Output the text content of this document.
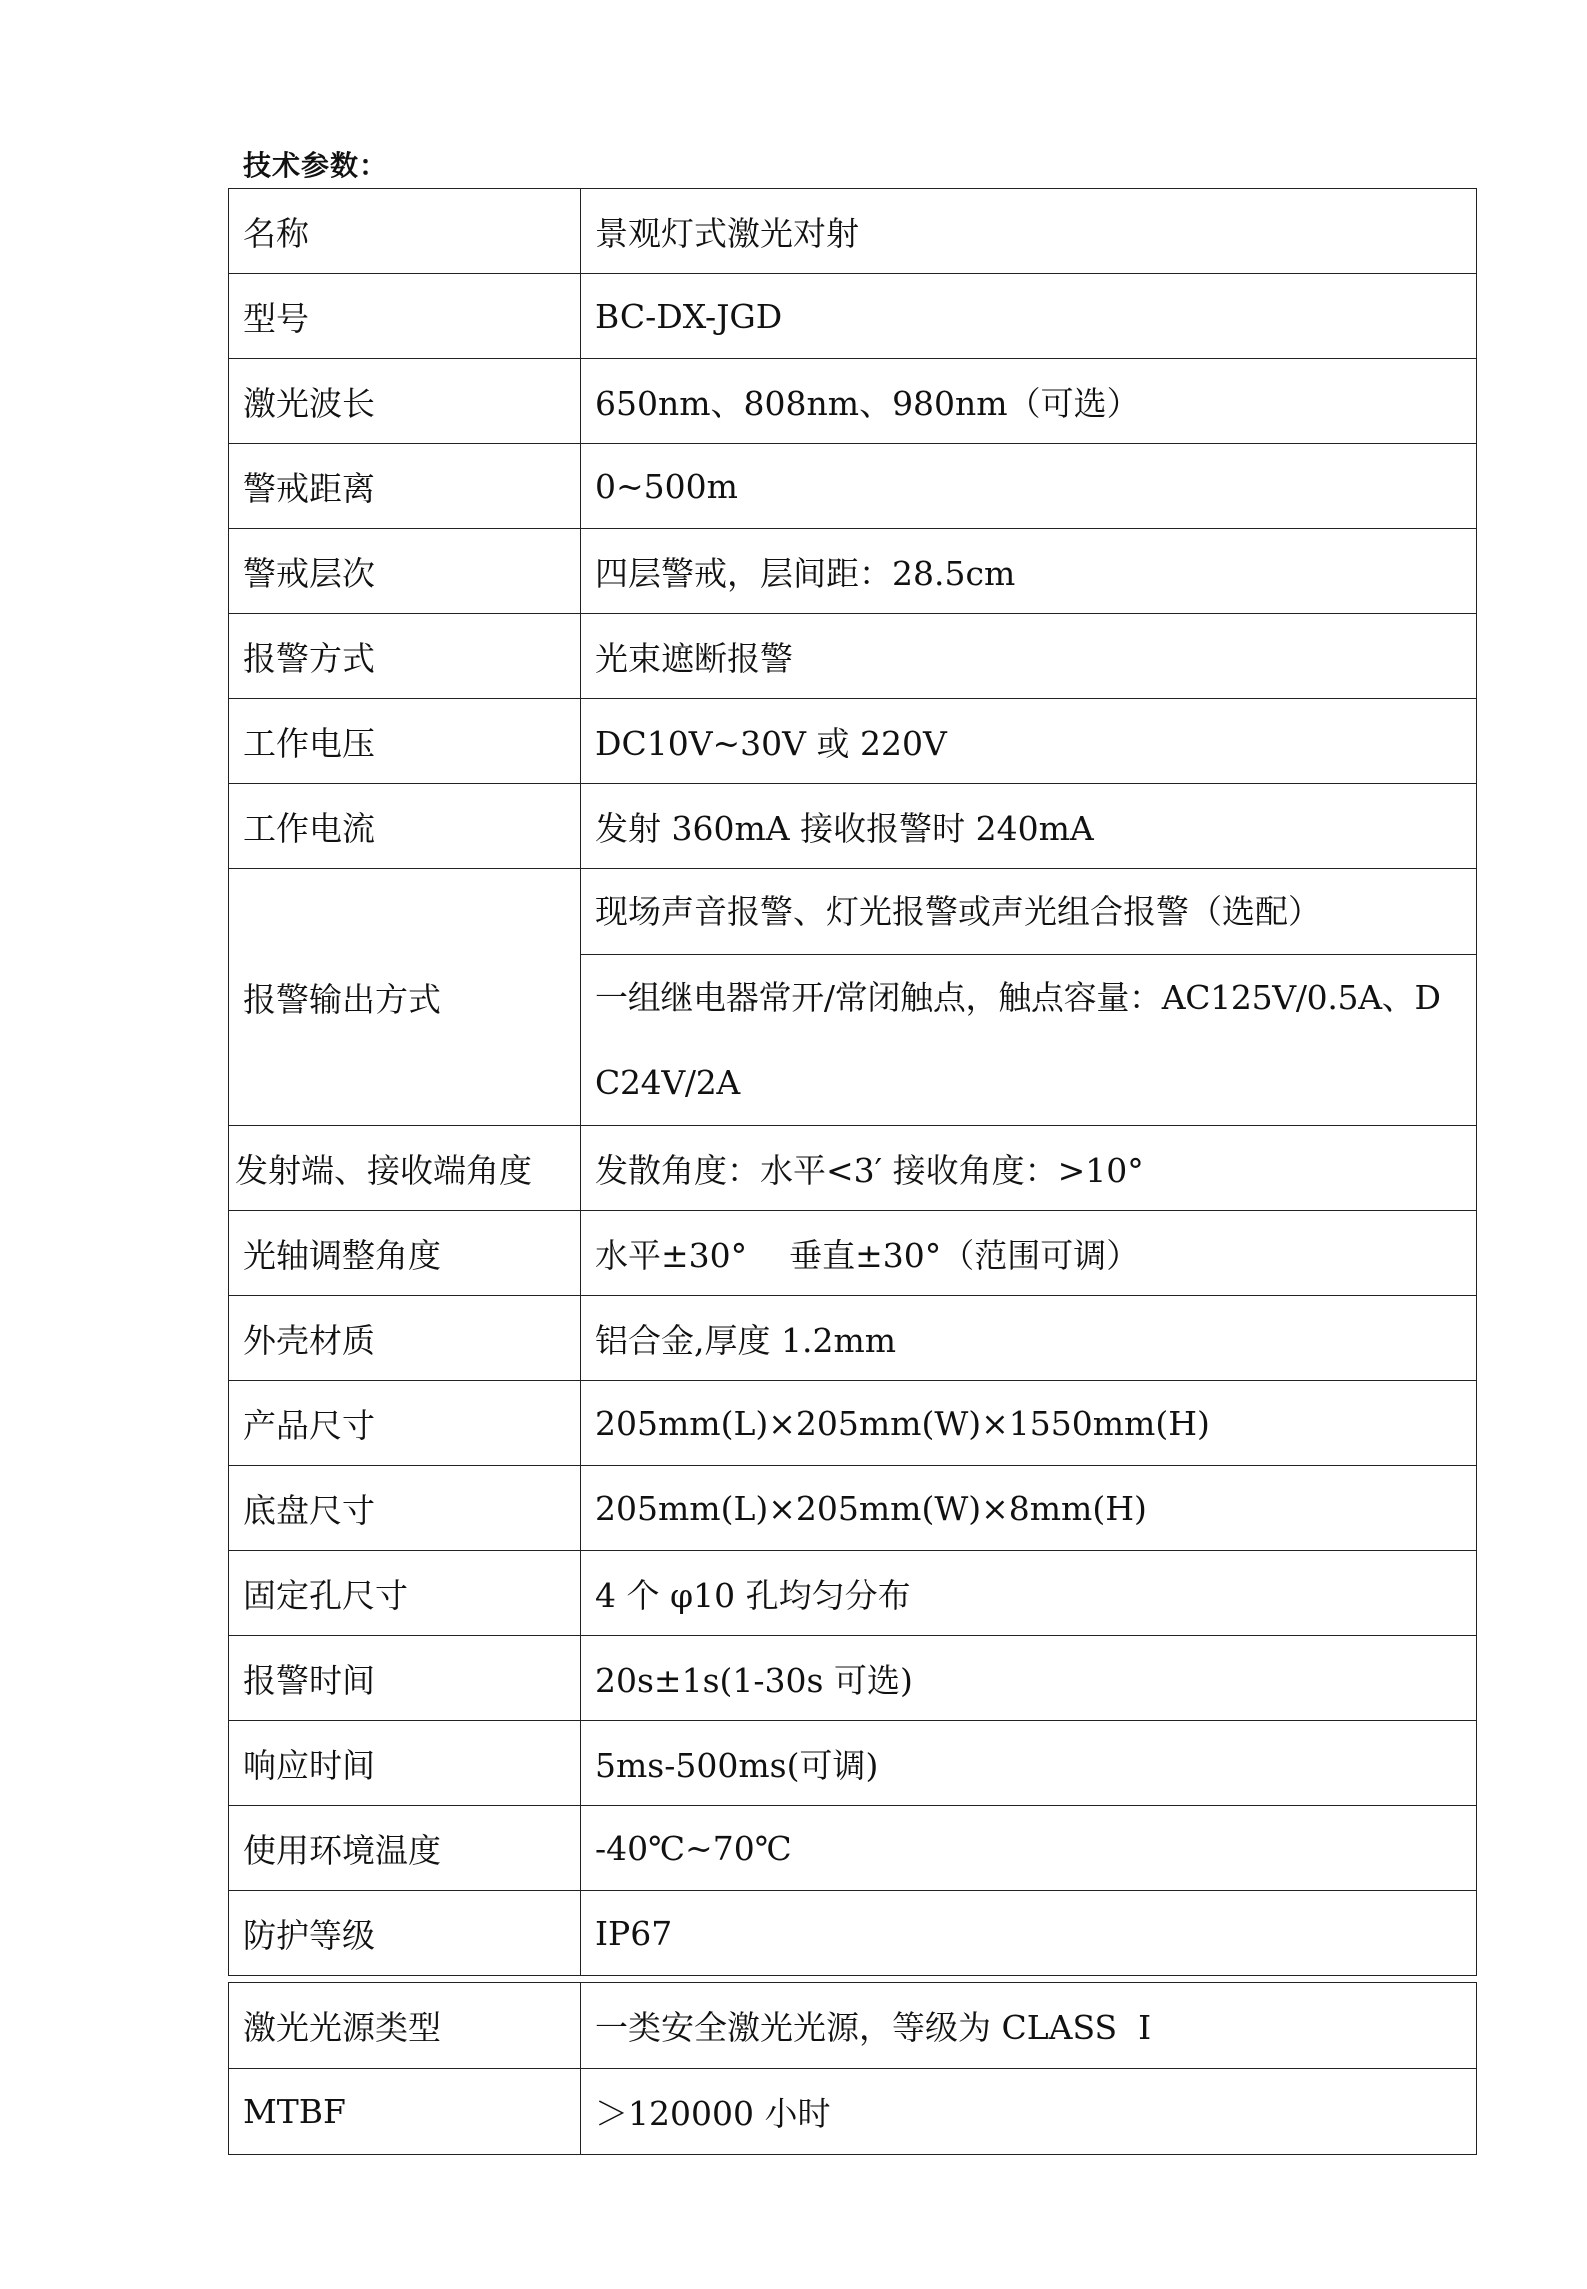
技术参数：
名称	景观灯式激光对射
型号	BC-DX-JGD
激光波长	650nm、808nm、980nm（可选）
警戒距离	0~500m
警戒层次	四层警戒，层间距：28.5cm
报警方式	光束遮断报警
工作电压	DC10V~30V 或 220V
工作电流	发射 360mA 接收报警时 240mA
报警输出方式	现场声音报警、灯光报警或声光组合报警（选配）
一组继电器常开/常闭触点，触点容量：AC125V/0.5A、DC24V/2A

发射端、接收端角度	发散角度：水平<3′ 接收角度：>10°
光轴调整角度	水平±30°    垂直±30°（范围可调）
外壳材质	铝合金,厚度 1.2mm
产品尺寸	205mm(L)×205mm(W)×1550mm(H)
底盘尺寸	205mm(L)×205mm(W)×8mm(H)
固定孔尺寸	4 个 φ10 孔均匀分布
报警时间	20s±1s(1-30s 可选)
响应时间	5ms-500ms(可调)
使用环境温度	-40℃~70℃
防护等级	IP67
激光光源类型	一类安全激光光源，等级为 CLASS  Ⅰ
MTBF	＞120000 小时
